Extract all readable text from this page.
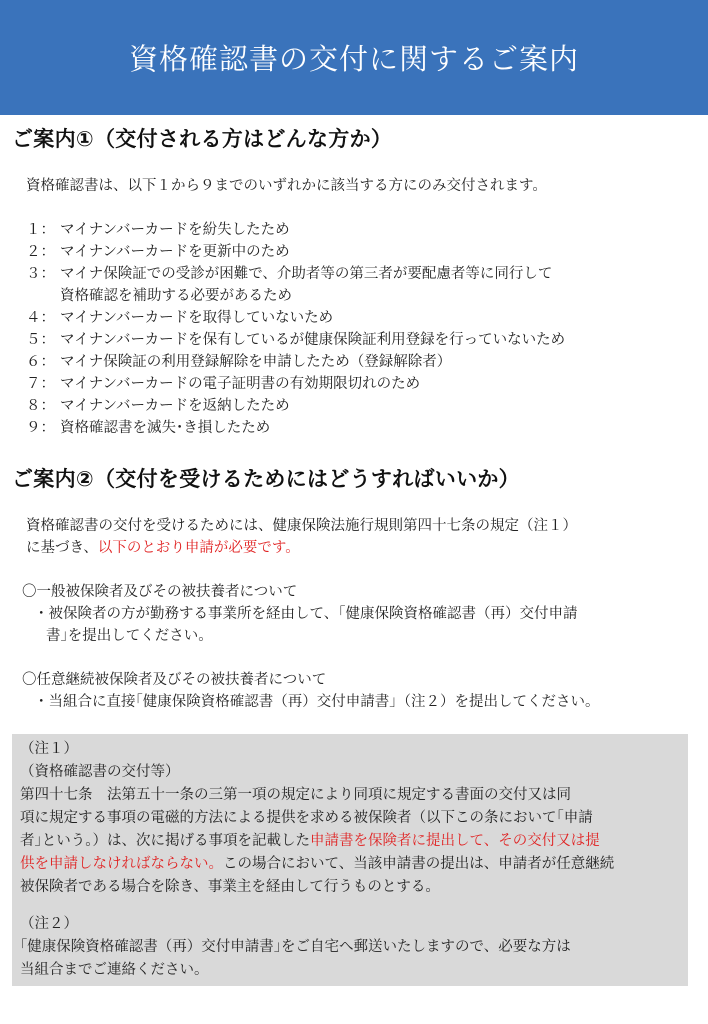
資格確認書の交付に関するご案内
ご案内①（交付される方はどんな方か）
資格確認書は、以下１から９までのいずれかに該当する方にのみ交付されます。
１： マイナンバーカードを紛失したため
２： マイナンバーカードを更新中のため
３： マイナ保険証での受診が困難で、介助者等の第三者が要配慮者等に同行して
資格確認を補助する必要があるため
４： マイナンバーカードを取得していないため
５： マイナンバーカードを保有しているが健康保険証利用登録を行っていないため
６： マイナ保険証の利用登録解除を申請したため（登録解除者）
７： マイナンバーカードの電子証明書の有効期限切れのため
８： マイナンバーカードを返納したため
９： 資格確認書を滅失･き損したため
ご案内②（交付を受けるためにはどうすればいいか）
資格確認書の交付を受けるためには、健康保険法施行規則第四十七条の規定（注１）
に基づき、以下のとおり申請が必要です。
〇一般被保険者及びその被扶養者について
・被保険者の方が勤務する事業所を経由して、｢健康保険資格確認書（再）交付申請
書｣を提出してください。
〇任意継続被保険者及びその被扶養者について
・当組合に直接｢健康保険資格確認書（再）交付申請書｣（注２）を提出してください。
（注１）
（資格確認書の交付等）
第四十七条　法第五十一条の三第一項の規定により同項に規定する書面の交付又は同
項に規定する事項の電磁的方法による提供を求める被保険者（以下この条において｢申請
者｣という。）は、次に掲げる事項を記載した申請書を保険者に提出して、その交付又は提
供を申請しなければならない。この場合において、当該申請書の提出は、申請者が任意継続
被保険者である場合を除き、事業主を経由して行うものとする。
（注２）
｢健康保険資格確認書（再）交付申請書｣をご自宅へ郵送いたしますので、必要な方は
当組合までご連絡ください。
